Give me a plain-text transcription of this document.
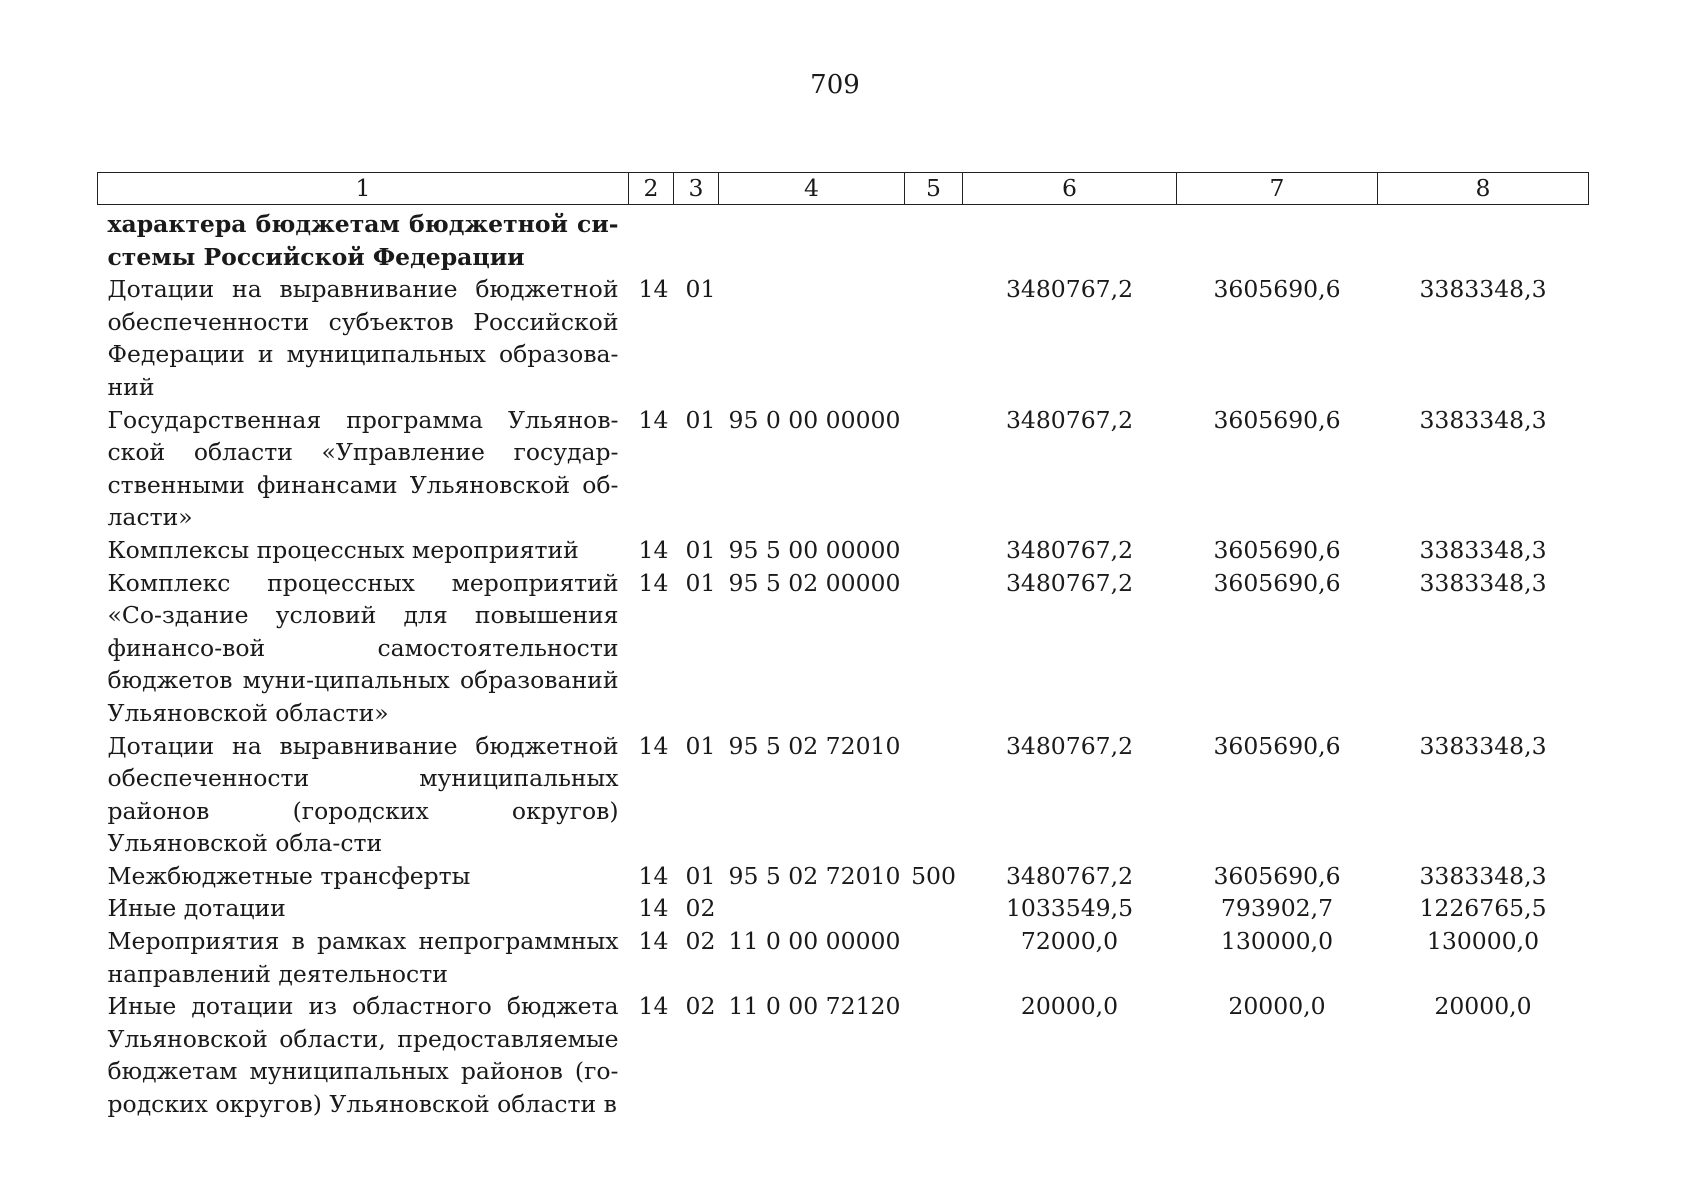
709
1	2	3	4	5	6	7	8
характера бюджетам бюджетной си-стемы Российской Федерации							
Дотации на выравнивание бюджетной обеспеченности субъектов Российской Федерации и муниципальных образова-ний	14	01			3480767,2	3605690,6	3383348,3
Государственная программа Ульянов-ской области «Управление государ-ственными финансами Ульяновской об-ласти»	14	01	95 0 00 00000		3480767,2	3605690,6	3383348,3
Комплексы процессных мероприятий	14	01	95 5 00 00000		3480767,2	3605690,6	3383348,3
Комплекс процессных мероприятий «Со-здание условий для повышения финансо-вой самостоятельности бюджетов муни-ципальных образований Ульяновской области»	14	01	95 5 02 00000		3480767,2	3605690,6	3383348,3
Дотации на выравнивание бюджетной обеспеченности муниципальных районов (городских округов) Ульяновской обла-сти	14	01	95 5 02 72010		3480767,2	3605690,6	3383348,3
Межбюджетные трансферты	14	01	95 5 02 72010	500	3480767,2	3605690,6	3383348,3
Иные дотации	14	02			1033549,5	793902,7	1226765,5
Мероприятия в рамках непрограммных направлений деятельности	14	02	11 0 00 00000		72000,0	130000,0	130000,0
Иные дотации из областного бюджета Ульяновской области, предоставляемые бюджетам муниципальных районов (го-родских округов) Ульяновской области в	14	02	11 0 00 72120		20000,0	20000,0	20000,0
